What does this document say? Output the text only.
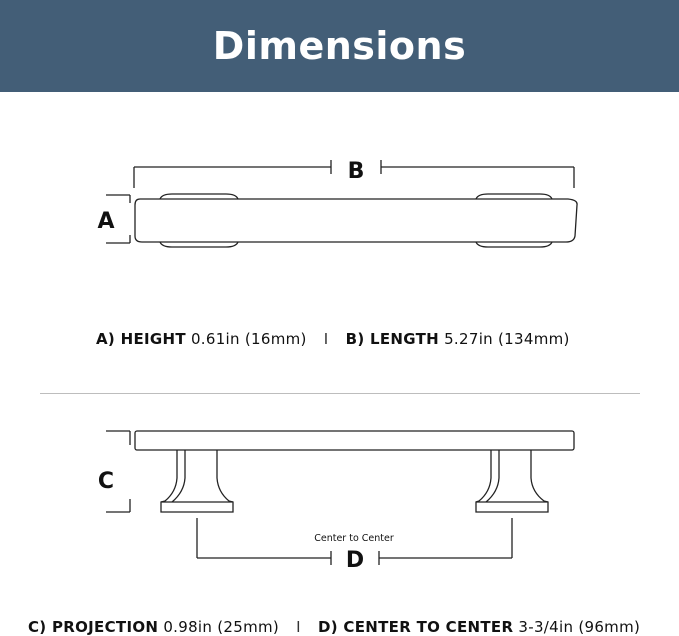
Dimensions
B
A
C
Center to Center
D
A) HEIGHT 0.61in (16mm) I B) LENGTH 5.27in (134mm)
C) PROJECTION 0.98in (25mm) I D) CENTER TO CENTER 3-3/4in (96mm)
